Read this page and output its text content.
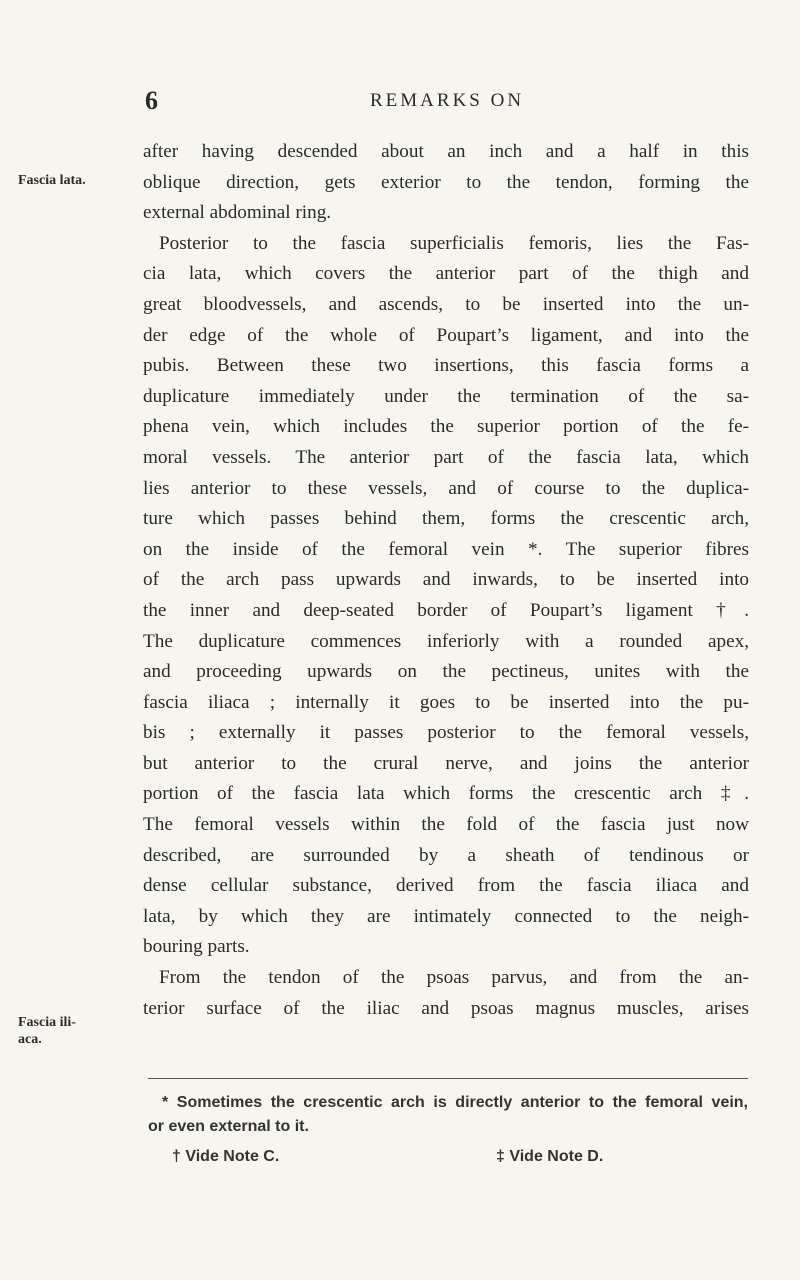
6	REMARKS ON
Fascia lata.
Fascia ili-
aca.
after having descended about an inch and a half in this
oblique direction, gets exterior to the tendon, forming the
external abdominal ring.
Posterior to the fascia superficialis femoris, lies the Fas-
cia lata, which covers the anterior part of the thigh and
great bloodvessels, and ascends, to be inserted into the un-
der edge of the whole of Poupart’s ligament, and into the
pubis. Between these two insertions, this fascia forms a
duplicature immediately under the termination of the sa-
phena vein, which includes the superior portion of the fe-
moral vessels. The anterior part of the fascia lata, which
lies anterior to these vessels, and of course to the duplica-
ture which passes behind them, forms the crescentic arch,
on the inside of the femoral vein *. The superior fibres
of the arch pass upwards and inwards, to be inserted into
the inner and deep-seated border of Poupart’s ligament †.
The duplicature commences inferiorly with a rounded apex,
and proceeding upwards on the pectineus, unites with the
fascia iliaca ; internally it goes to be inserted into the pu-
bis ; externally it passes posterior to the femoral vessels,
but anterior to the crural nerve, and joins the anterior
portion of the fascia lata which forms the crescentic arch ‡.
The femoral vessels within the fold of the fascia just now
described, are surrounded by a sheath of tendinous or
dense cellular substance, derived from the fascia iliaca and
lata, by which they are intimately connected to the neigh-
bouring parts.
From the tendon of the psoas parvus, and from the an-
terior surface of the iliac and psoas magnus muscles, arises
* Sometimes the crescentic arch is directly anterior to the femoral vein,
or even external to it.
† Vide Note C.	‡ Vide Note D.
